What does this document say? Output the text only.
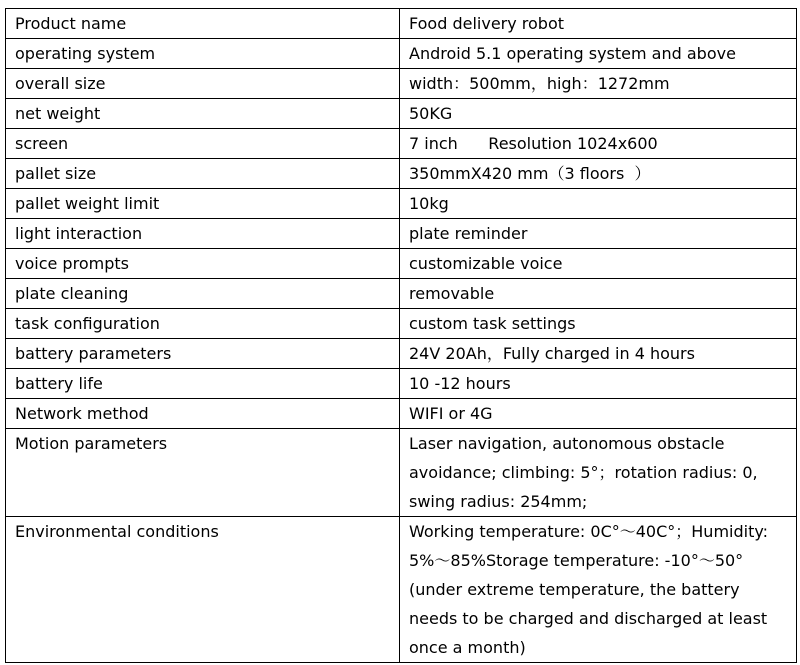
Product name	Food delivery robot
operating system	Android 5.1 operating system and above
overall size	width：500mm，high：1272mm
net weight	50KG
screen	7 inch      Resolution 1024x600
pallet size	350mmX420 mm（3 floors  ）
pallet weight limit	10kg
light interaction	plate reminder
voice prompts	customizable voice
plate cleaning	removable
task configuration	custom task settings
battery parameters	24V 20Ah，Fully charged in 4 hours
battery life	10 -12 hours
Network method	WIFI or 4G
Motion parameters	Laser navigation, autonomous obstacle avoidance; climbing: 5°；rotation radius: 0, swing radius: 254mm;
Environmental conditions	Working temperature: 0C°～40C°；Humidity: 5%～85%Storage temperature: -10°～50° (under extreme temperature, the battery needs to be charged and discharged at least once a month)
